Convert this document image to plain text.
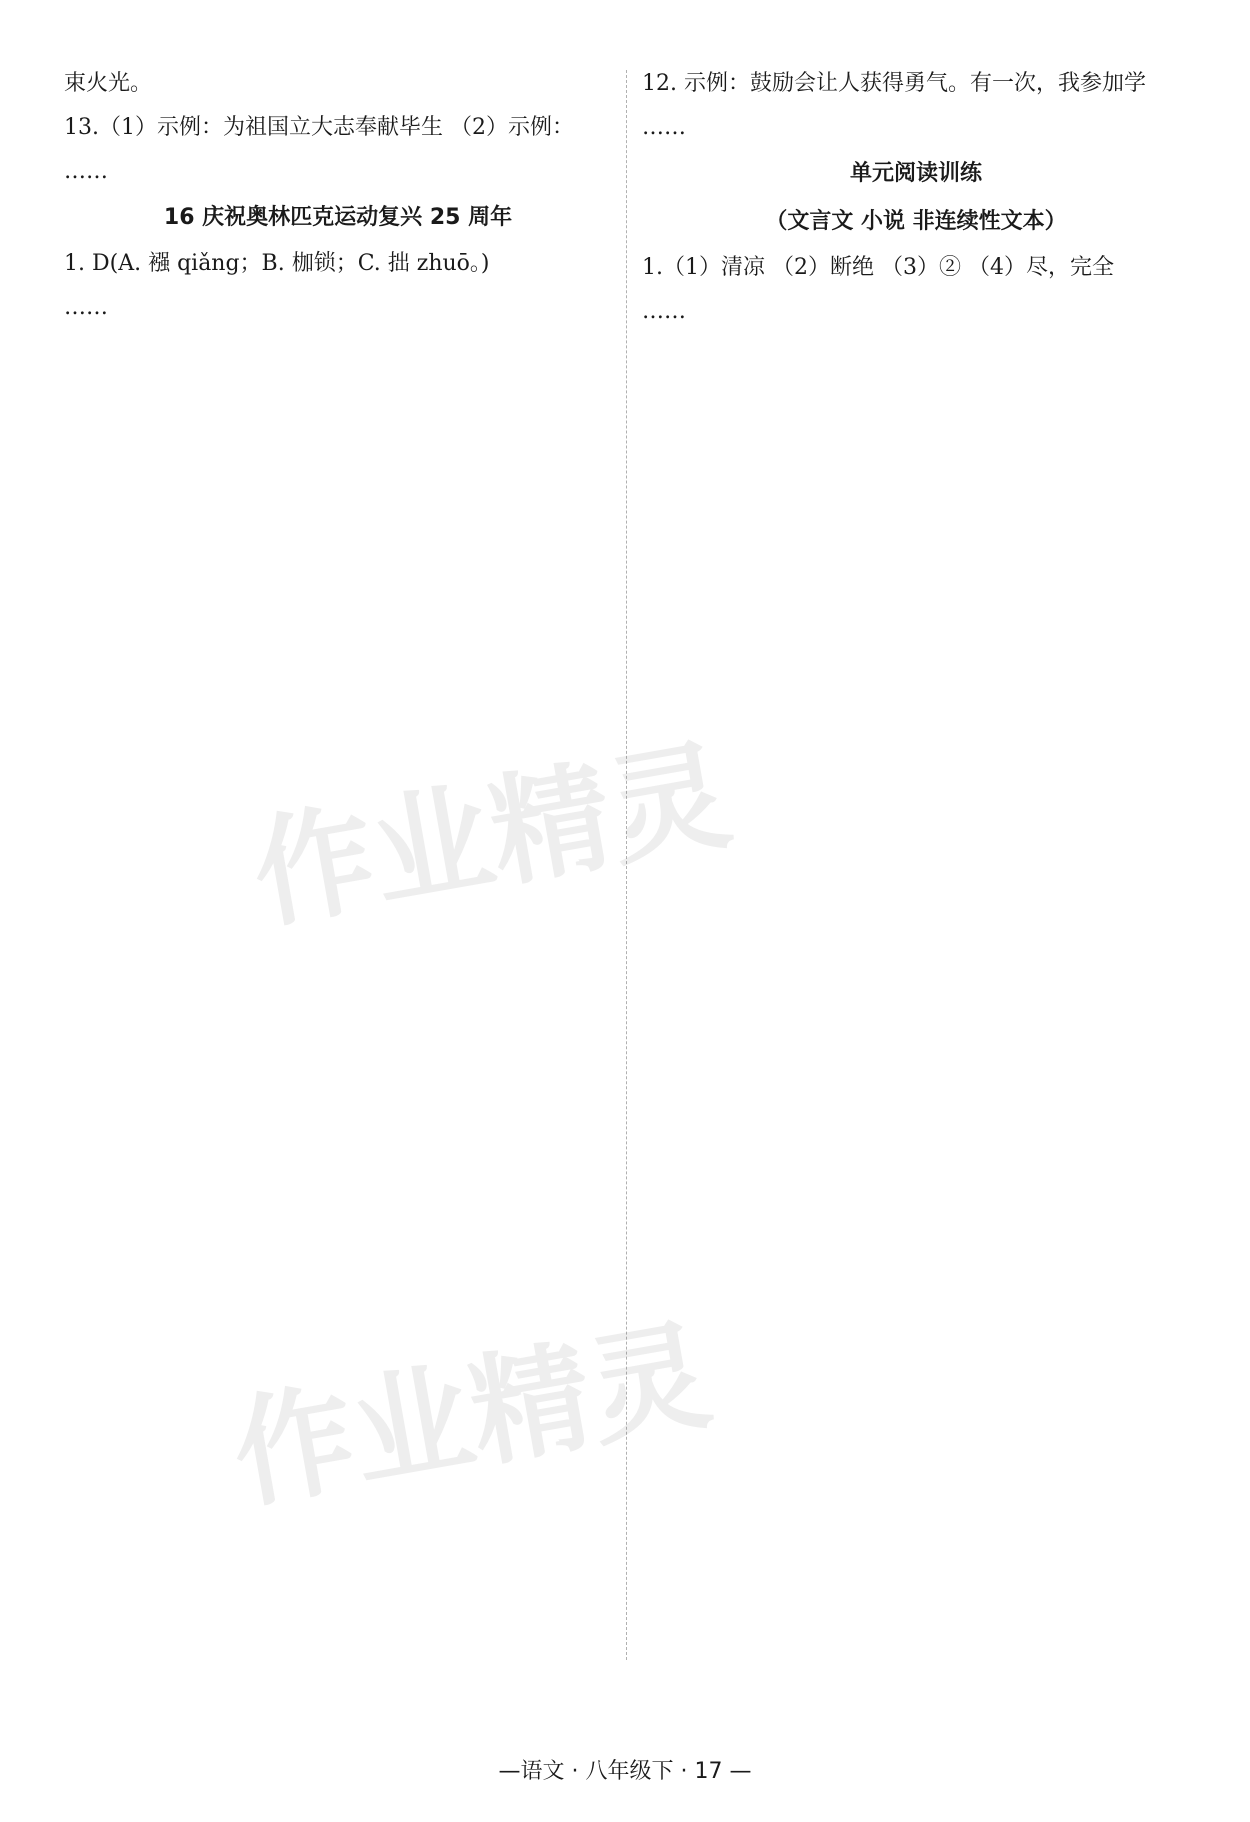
束火光。
13.（1）示例：为祖国立大志奉献毕生 （2）示例：
……
16 庆祝奥林匹克运动复兴 25 周年
1. D(A. 襁 qiǎng；B. 枷锁；C. 拙 zhuō。)
……
12. 示例：鼓励会让人获得勇气。有一次，我参加学
……
单元阅读训练
（文言文 小说 非连续性文本）
1.（1）清凉 （2）断绝 （3）② （4）尽，完全
……
作业精灵
作业精灵
—语文 · 八年级下 · 17 —
